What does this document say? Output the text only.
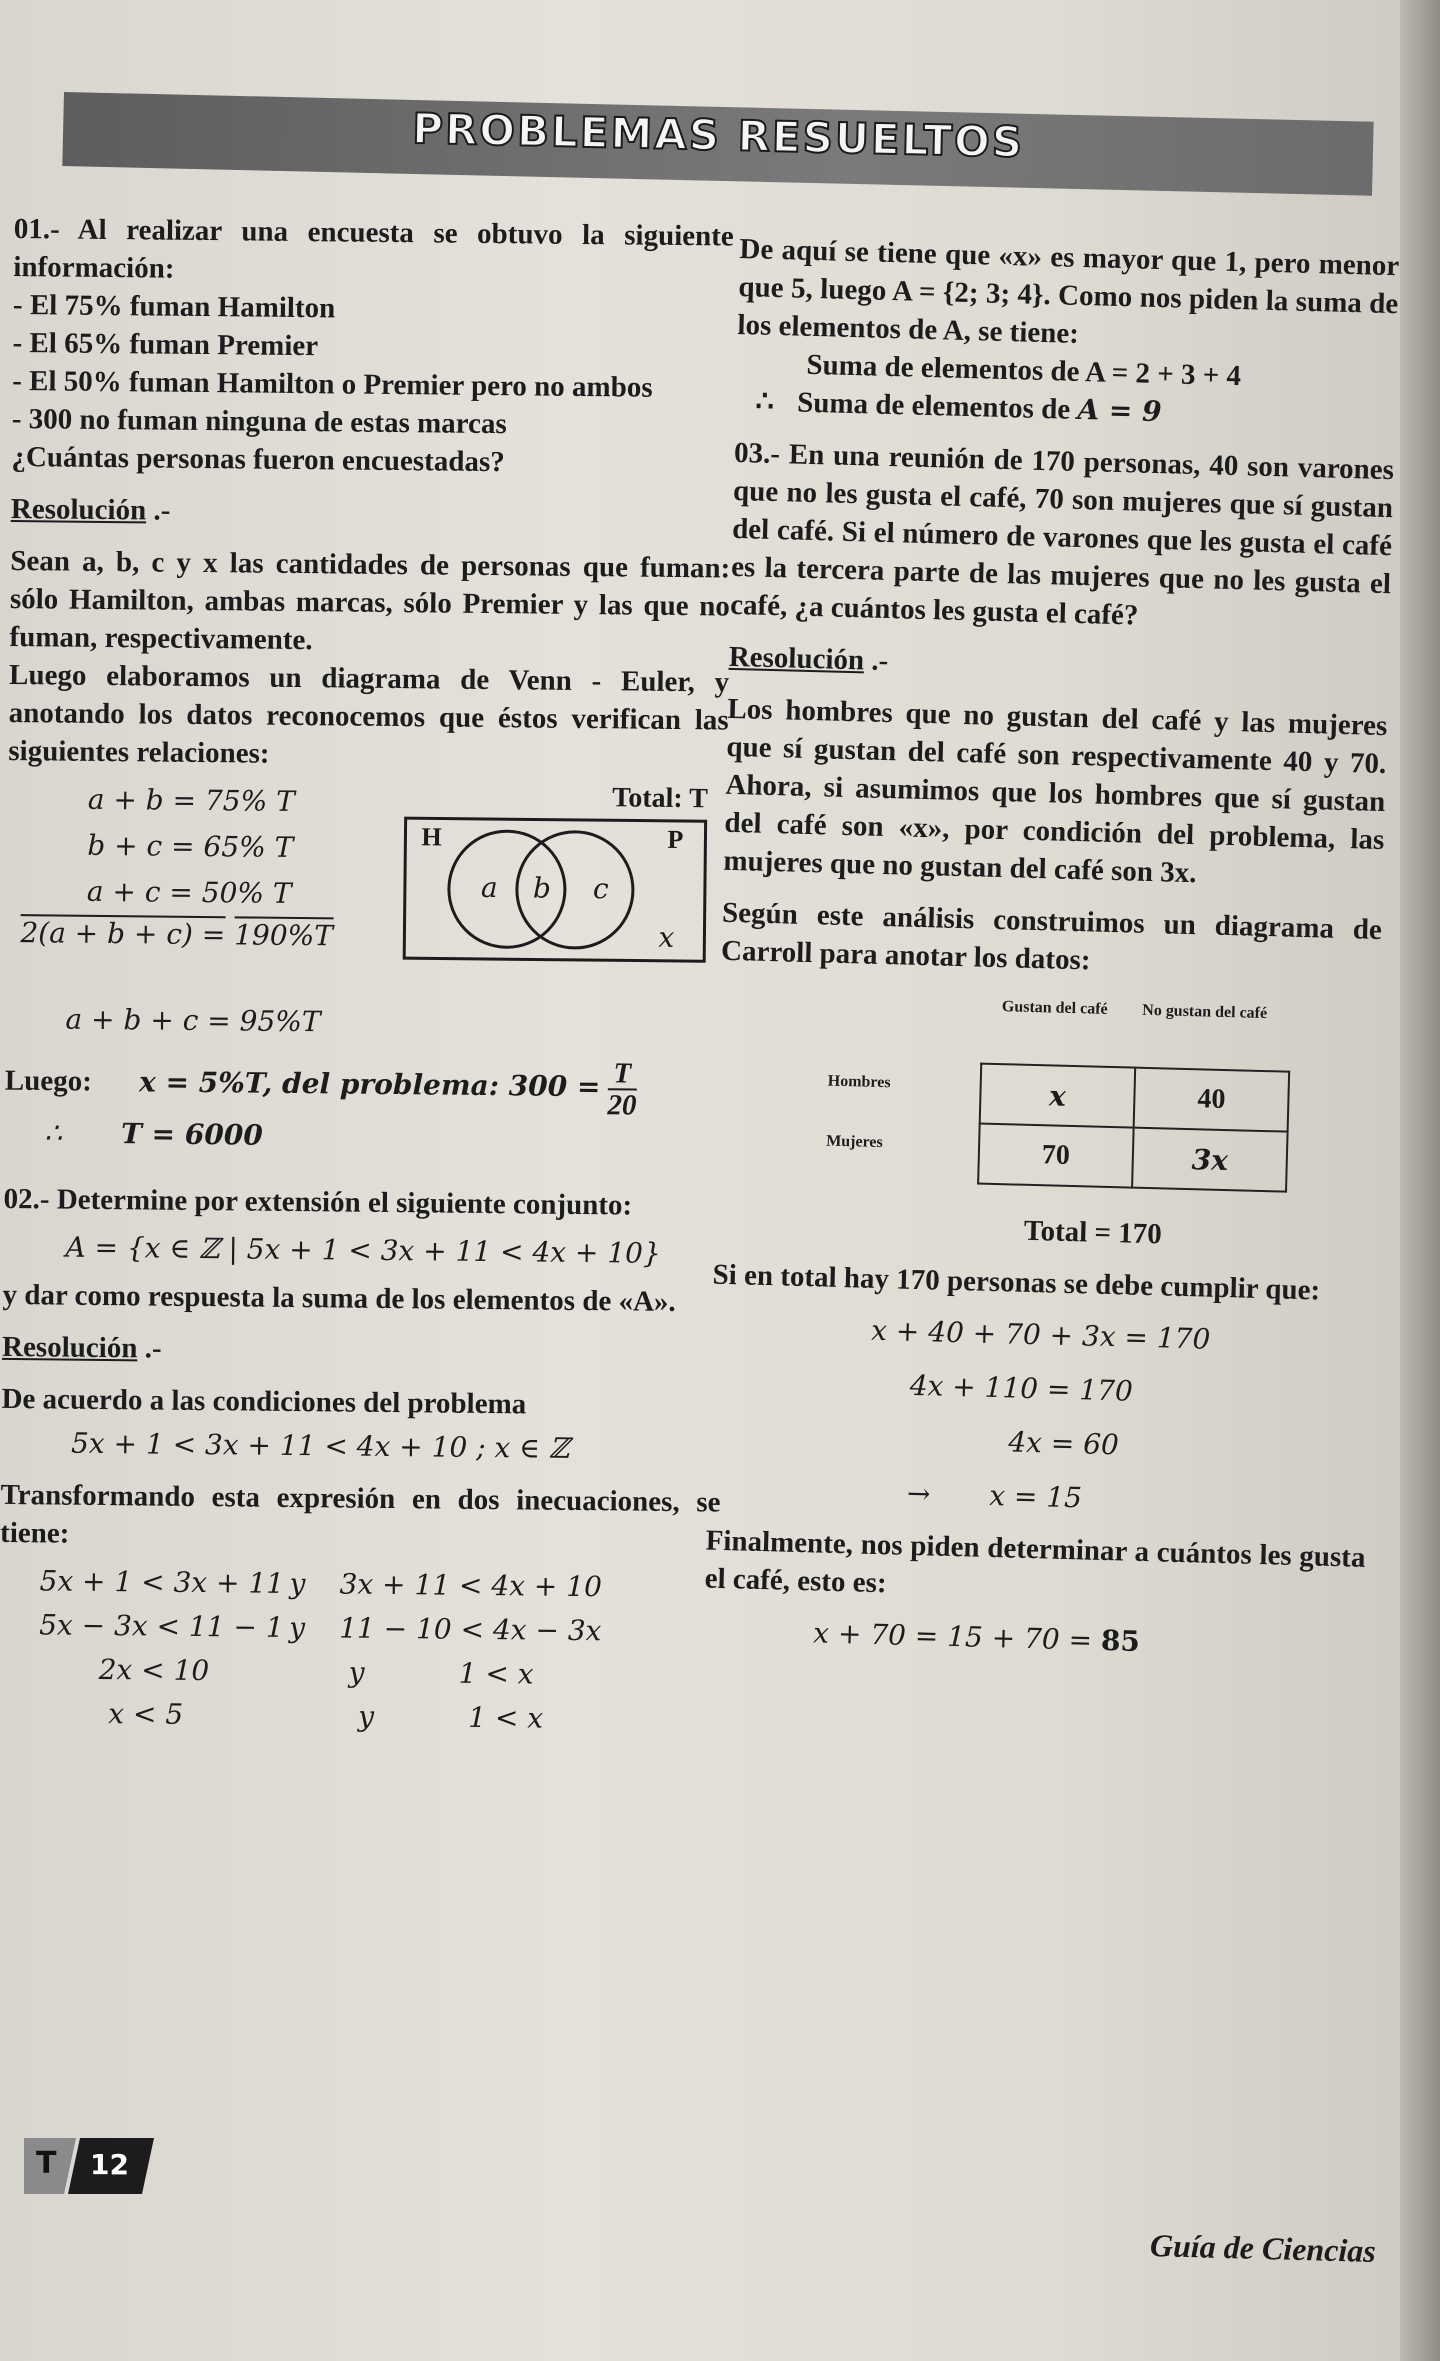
PROBLEMAS RESUELTOS

01.- Al realizar una encuesta se obtuvo la siguiente información:

- El 75% fuman Hamilton

- El 65% fuman Premier

- El 50% fuman Hamilton o Premier pero no ambos

- 300 no fuman ninguna de estas marcas

¿Cuántas personas fueron encuestadas?

Resolución .-

Sean a, b, c y x las cantidades de personas que fuman: sólo Hamilton, ambas marcas, sólo Premier y las que no fuman, respectivamente.

Luego elaboramos un diagrama de Venn - Euler, y anotando los datos reconocemos que éstos verifican las siguientes relaciones:

a + b = 75% T

b + c = 65% T

a + c = 50% T

2(a + b + c) = 190%T

Total: T
H	P
a b c
x

a + b + c = 95%T

Luego: x = 5%T, del problema: $300 = \frac{T}{20}$

∴ T = 6000

02.- Determine por extensión el siguiente conjunto:

A = {x ∈ ℤ | 5x + 1 < 3x + 11 < 4x + 10}

y dar como respuesta la suma de los elementos de «A».

Resolución .-

De acuerdo a las condiciones del problema

5x + 1 < 3x + 11 < 4x + 10 ; x ∈ ℤ

Transformando esta expresión en dos inecuaciones, se tiene:

5x + 1 < 3x + 11 y	3x + 11 < 4x + 10
5x − 3x < 11 − 1 y	11 − 10 < 4x − 3x
2x < 10	y	1 < x
x < 5	y	1 < x

De aquí se tiene que «x» es mayor que 1, pero menor que 5, luego A = {2; 3; 4}. Como nos piden la suma de los elementos de A, se tiene:

Suma de elementos de A = 2 + 3 + 4

∴ Suma de elementos de A = 9

03.- En una reunión de 170 personas, 40 son varones que no les gusta el café, 70 son mujeres que sí gustan del café. Si el número de varones que les gusta el café es la tercera parte de las mujeres que no les gusta el café, ¿a cuántos les gusta el café?

Resolución .-

Los hombres que no gustan del café y las mujeres que sí gustan del café son respectivamente 40 y 70. Ahora, si asumimos que los hombres que sí gustan del café son «x», por condición del problema, las mujeres que no gustan del café son 3x.

Según este análisis construimos un diagrama de Carroll para anotar los datos:

Gustan del café	No gustan del café
Hombres
Mujeres
x	40
70	3x

Total = 170

Si en total hay 170 personas se debe cumplir que:

x + 40 + 70 + 3x = 170

4x + 110 = 170

4x = 60

→ x = 15

Finalmente, nos piden determinar a cuántos les gusta el café, esto es:

x + 70 = 15 + 70 = 85

T 12
Guía de Ciencias
